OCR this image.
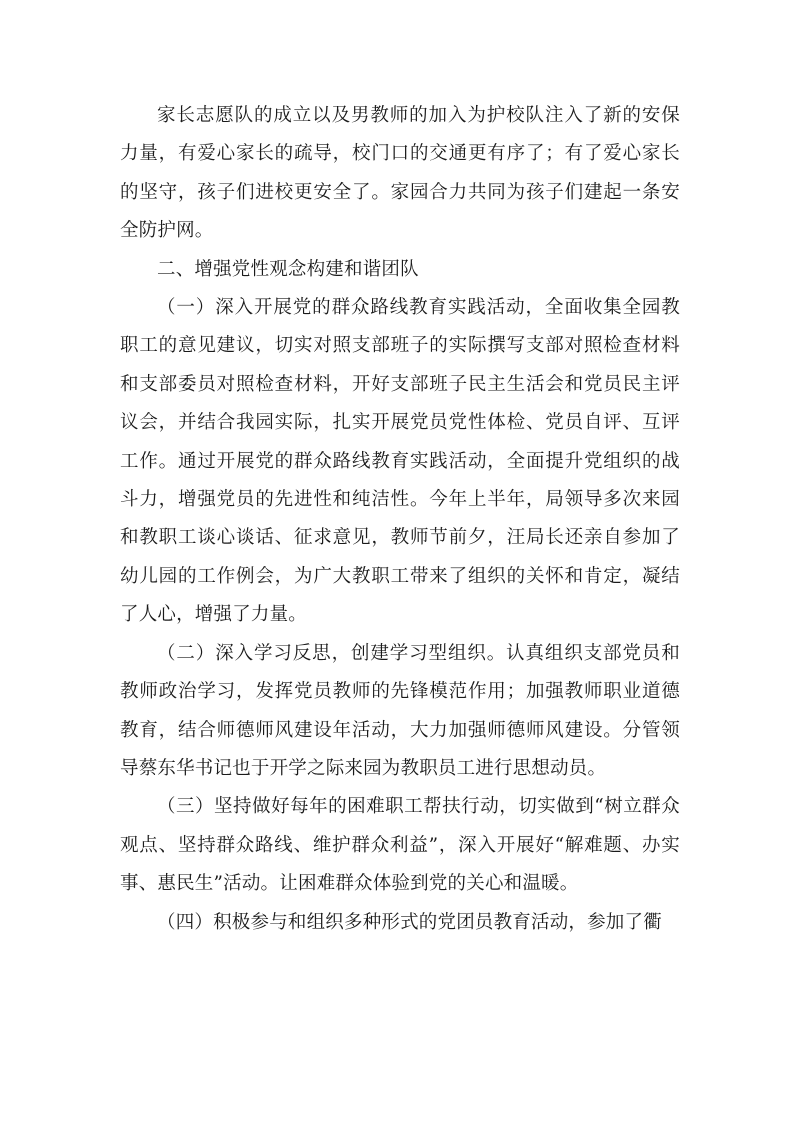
家长志愿队的成立以及男教师的加入为护校队注入了新的安保力量，有爱心家长的疏导，校门口的交通更有序了；有了爱心家长的坚守，孩子们进校更安全了。家园合力共同为孩子们建起一条安全防护网。

二、增强党性观念构建和谐团队

（一）深入开展党的群众路线教育实践活动，全面收集全园教职工的意见建议，切实对照支部班子的实际撰写支部对照检查材料和支部委员对照检查材料，开好支部班子民主生活会和党员民主评议会，并结合我园实际，扎实开展党员党性体检、党员自评、互评工作。通过开展党的群众路线教育实践活动，全面提升党组织的战斗力，增强党员的先进性和纯洁性。今年上半年，局领导多次来园和教职工谈心谈话、征求意见，教师节前夕，汪局长还亲自参加了幼儿园的工作例会，为广大教职工带来了组织的关怀和肯定，凝结了人心，增强了力量。

（二）深入学习反思，创建学习型组织。认真组织支部党员和教师政治学习，发挥党员教师的先锋模范作用；加强教师职业道德教育，结合师德师风建设年活动，大力加强师德师风建设。分管领导蔡东华书记也于开学之际来园为教职员工进行思想动员。

（三）坚持做好每年的困难职工帮扶行动，切实做到“树立群众观点、坚持群众路线、维护群众利益”，深入开展好“解难题、办实事、惠民生”活动。让困难群众体验到党的关心和温暖。

（四）积极参与和组织多种形式的党团员教育活动，参加了衢
